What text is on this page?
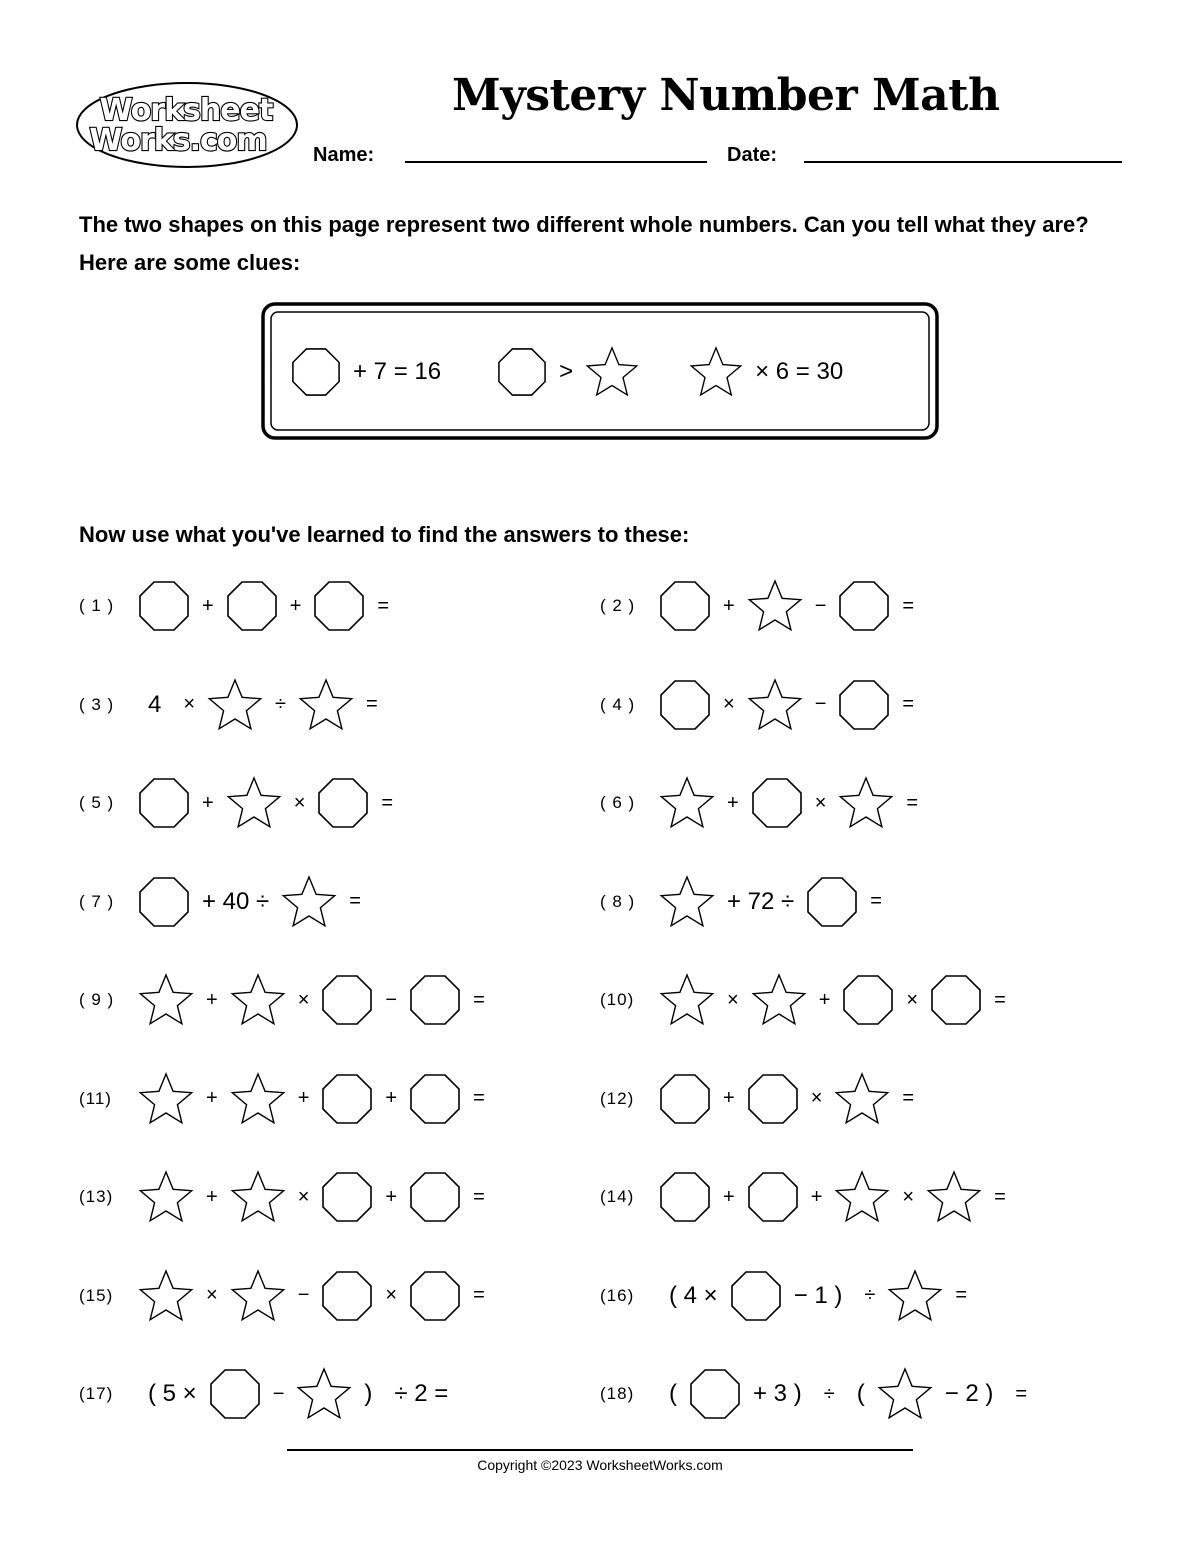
Worksheet
Works.com
Mystery Number Math
Name:	Date:
The two shapes on this page represent two different whole numbers. Can you tell what they are? Here are some clues:
+ 7 = 16	>	× 6 = 30
Now use what you've learned to find the answers to these:
( 1 )	+	+	=	( 2 )	+	−	=
( 3 )	4 ×	÷	=	( 4 )	×	−	=
( 5 )	+	×	=	( 6 )	+	×	=
( 7 )	+ 40 ÷	=	( 8 )	+ 72 ÷	=
( 9 )	+	×	−	=	(10)	×	+	×	=
(11)	+	+	+	=	(12)	+	×	=
(13)	+	×	+	=	(14)	+	+	×	=
(15)	×	−	×	=	(16)	( 4 ×	− 1 ) ÷	=
(17)	( 5 ×	−	) ÷ 2 =	(18)	(	+ 3 ) ÷ (	− 2 ) =
Copyright ©2023 WorksheetWorks.com
